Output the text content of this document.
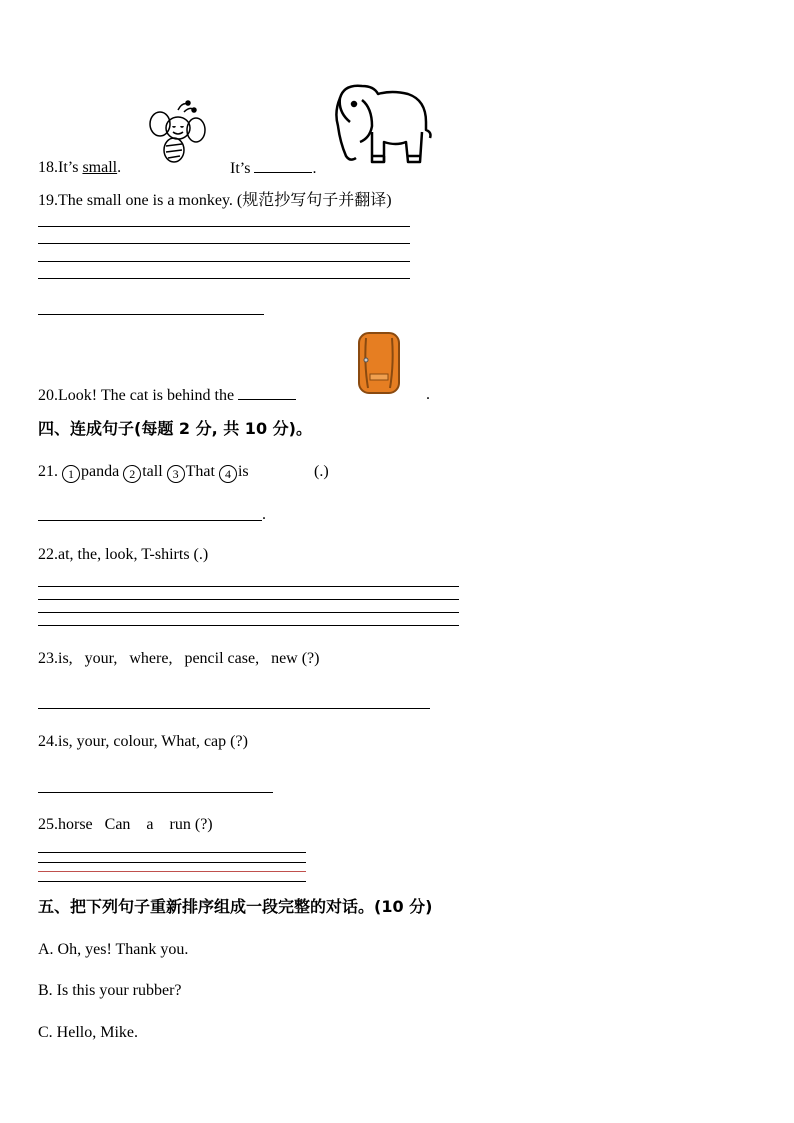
18.It’s small.	It’s	.
19.The small one is a monkey. (规范抄写句子并翻译)
20.Look! The cat is behind the	.
四、连成句子(每题 2 分, 共 10 分)。
21. 1 panda 2 tall 3 That 4 is	(.)
.
22.at, the, look, T-shirts (.)
23.is,   your,   where,   pencil case,   new (?)
24.is, your, colour, What, cap (?)
25.horse   Can    a    run (?)
五、把下列句子重新排序组成一段完整的对话。(10 分)
A. Oh, yes! Thank you.
B. Is this your rubber?
C. Hello, Mike.
